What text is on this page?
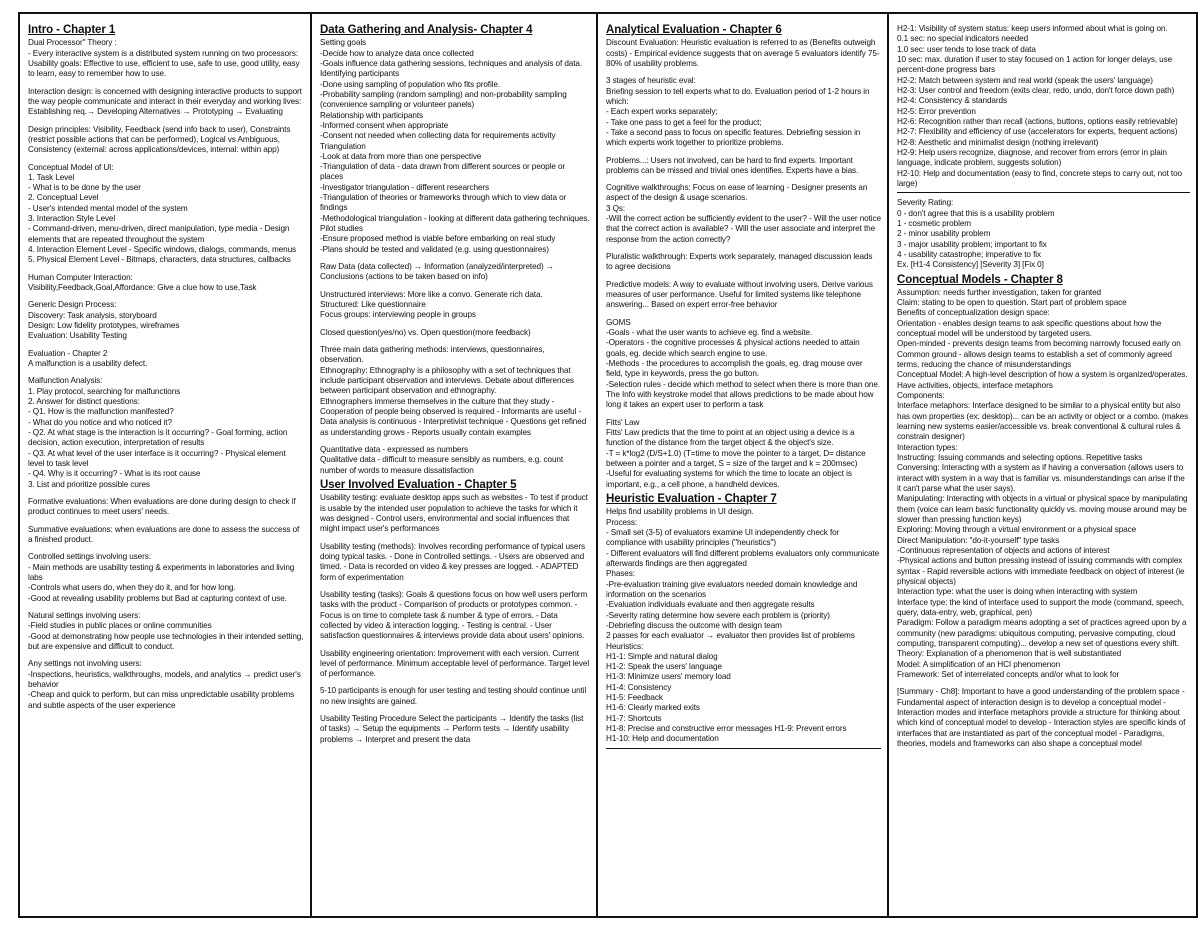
Intro - Chapter 1
Dual Processor" Theory :
- Every interactive system is a distributed system running on two processors:
Usability goals: Effective to use, efficient to use, safe to use, good utility, easy to learn, easy to remember how to use.
Interaction design: is concerned with designing interactive products to support the way people communicate and interact in their everyday and working lives: Establishing req.→ Developing Alternatives → Prototyping → Evaluating
Design principles: Visibility, Feedback (send info back to user), Constraints (restrict possible actions that can be performed), Logical vs Ambiguous, Consistency (external: across applications/devices, internal: within app)
Conceptual Model of UI:
1. Task Level
- What is to be done by the user
2. Conceptual Level
- User's intended mental model of the system
3. Interaction Style Level
- Command-driven, menu-driven, direct manipulation, type media - Design elements that are repeated throughout the system
4. Interaction Element Level - Specific windows, dialogs, commands, menus
5. Physical Element Level - Bitmaps, characters, data structures, callbacks
Human Computer Interaction:
Visibility,Feedback,Goal,Affordance: Give a clue how to use,Task
Generic Design Process:
Discovery: Task analysis, storyboard
Design: Low fidelity prototypes, wireframes
Evaluation: Usability Testing
Evaluation - Chapter 2
A malfunction is a usability defect.
Malfunction Analysis:
1. Play protocol, searching for malfunctions
2. Answer for distinct questions:
- Q1. How is the malfunction manifested?
- What do you notice and who noticed it?
- Q2. At what stage is the interaction is it occurring? - Goal forming, action decision, action execution, interpretation of results
- Q3. At what level of the user interface is it occurring? - Physical element level to task level
- Q4. Why is it occurring? - What is its root cause
3. List and prioritize possible cures
Formative evaluations: When evaluations are done during design to check if product continues to meet users' needs.
Summative evaluations: when evaluations are done to assess the success of a finished product.
Controlled settings involving users:
- Main methods are usability testing & experiments in laboratories and living labs
-Controls what users do, when they do it, and for how long.
-Good at revealing usability problems but Bad at capturing context of use.
Natural settings involving users:
-Field studies in public places or online communities
-Good at demonstrating how people use technologies in their intended setting, but are expensive and difficult to conduct.
Any settings not involving users:
-Inspections, heuristics, walkthroughs, models, and analytics → predict user's behavior
-Cheap and quick to perform, but can miss unpredictable usability problems and subtle aspects of the user experience
Data Gathering and Analysis- Chapter 4
Setting goals
-Decide how to analyze data once collected
-Goals influence data gathering sessions, techniques and analysis of data.
Identifying participants
-Done using sampling of population who fits profile.
-Probability sampling (random sampling) and non-probability sampling (convenience sampling or volunteer panels)
Relationship with participants
-Informed consent when appropriate
-Consent not needed when collecting data for requirements activity
Triangulation
-Look at data from more than one perspective
-Triangulation of data - data drawn from different sources or people or places
-Investigator triangulation - different researchers
-Triangulation of theories or frameworks through which to view data or findings
-Methodological triangulation - looking at different data gathering techniques.
Pilot studies
-Ensure proposed method is viable before embarking on real study
-Plans should be tested and validated (e.g. using questionnaires)
Raw Data (data collected) → Information (analyzed/interpreted) → Conclusions (actions to be taken based on info)
Unstructured interviews: More like a convo. Generate rich data.
Structured: Like questionnaire
Focus groups: interviewing people in groups
Closed question(yes/no) vs. Open question(more feedback)
Three main data gathering methods: interviews, questionnaires, observation.
Ethnography: Ethnography is a philosophy with a set of techniques that include participant observation and interviews. Debate about differences between participant observation and ethnography.
Ethnographers immerse themselves in the culture that they study - Cooperation of people being observed is required - Informants are useful - Data analysis is continuous - Interpretivist technique - Questions get refined as understanding grows - Reports usually contain examples
Quantitative data - expressed as numbers
Qualitative data - difficult to measure sensibly as numbers, e.g. count number of words to measure dissatisfaction
User Involved Evaluation - Chapter 5
Usability testing: evaluate desktop apps such as websites - To test if product is usable by the intended user population to achieve the tasks for which it was designed - Control users, environmental and social influences that might impact user's performances
Usability testing (methods): Involves recording performance of typical users doing typical tasks. - Done in Controlled settings. - Users are observed and timed. - Data is recorded on video & key presses are logged. - ADAPTED form of experimentation
Usability testing (tasks): Goals & questions focus on how well users perform tasks with the product - Comparison of products or prototypes common. - Focus is on time to complete task & number & type of errors. - Data collected by video & interaction logging. - Testing is central. - User satisfaction questionnaires & interviews provide data about users' opinions.
Usability engineering orientation: Improvement with each version. Current level of performance. Minimum acceptable level of performance. Target level of performance.
5-10 participants is enough for user testing and testing should continue until no new insights are gained.
Usability Testing Procedure Select the participants → Identify the tasks (list of tasks) → Setup the equipments → Perform tests → Identify usability problems → Interpret and present the data
Analytical Evaluation - Chapter 6
Discount Evaluation: Heuristic evaluation is referred to as (Benefits outweigh costs) - Empirical evidence suggests that on average 5 evaluators identify 75-80% of usability problems.
3 stages of heuristic eval:
Briefing session to tell experts what to do. Evaluation period of 1-2 hours in which:
- Each expert works separately;
- Take one pass to get a feel for the product;
- Take a second pass to focus on specific features. Debriefing session in which experts work together to prioritize problems.
Problems...: Users not involved, can be hard to find experts. Important problems can be missed and trivial ones identifies. Experts have a bias.
Cognitive walkthroughs: Focus on ease of learning - Designer presents an aspect of the design & usage scenarios.
3 Qs:
-Will the correct action be sufficiently evident to the user? - Will the user notice that the correct action is available? - Will the user associate and interpret the response from the action correctly?
Pluralistic walkthrough: Experts work separately, managed discussion leads to agree decisions
Predictive models: A way to evaluate without involving users. Derive various measures of user performance. Useful for limited systems like telephone answering... Based on expert error-free behavior
GOMS
-Goals - what the user wants to achieve eg. find a website.
-Operators - the cognitive processes & physical actions needed to attain goals, eg. decide which search engine to use.
-Methods - the procedures to accomplish the goals, eg. drag mouse over field, type in keywords, press the go button.
-Selection rules - decide which method to select when there is more than one.
The Info with keystroke model that allows predictions to be made about how long it takes an expert user to perform a task
Fitts' Law
Fitts' Law predicts that the time to point at an object using a device is a function of the distance from the target object & the object's size.
-T = k*log2 (D/S+1.0) (T=time to move the pointer to a target, D= distance between a pointer and a target, S = size of the target and k = 200msec)
-Useful for evaluating systems for which the time to locate an object is important, e.g., a cell phone, a handheld devices.
Heuristic Evaluation - Chapter 7
Helps find usability problems in UI design.
Process:
- Small set (3-5) of evaluators examine UI independently check for compliance with usability principles ("heuristics")
- Different evaluators will find different problems evaluators only communicate afterwards findings are then aggregated
Phases:
-Pre-evaluation training give evaluators needed domain knowledge and information on the scenarios
-Evaluation individuals evaluate and then aggregate results
-Severity rating determine how severe each problem is (priority)
-Debriefing discuss the outcome with design team
2 passes for each evaluator → evaluator then provides list of problems Heuristics:
H1-1: Simple and natural dialog
H1-2: Speak the users' language
H1-3: Minimize users' memory load
H1-4: Consistency
H1-5: Feedback
H1-6: Clearly marked exits
H1-7: Shortcuts
H1-8: Precise and constructive error messages H1-9: Prevent errors
H1-10: Help and documentation
H2-1: Visibility of system status: keep users informed about what is going on.
0.1 sec: no special indicators needed
1.0 sec: user tends to lose track of data
10 sec: max. duration if user to stay focused on 1 action for longer delays, use percent-done progress bars
H2-2: Match between system and real world (speak the users' language)
H2-3: User control and freedom (exits clear, redo, undo, don't force down path)
H2-4: Consistency & standards
H2-5: Error prevention
H2-6: Recognition rather than recall (actions, buttons, options easily retrievable)
H2-7: Flexibility and efficiency of use (accelerators for experts, frequent actions)
H2-8: Aesthetic and minimalist design (nothing irrelevant)
H2-9: Help users recognize, diagnose, and recover from errors (error in plain language, indicate problem, suggests solution)
H2-10: Help and documentation (easy to find, concrete steps to carry out, not too large)
Severity Rating:
0 - don't agree that this is a usability problem
1 - cosmetic problem
2 - minor usability problem
3 - major usability problem; important to fix
4 - usability catastrophe; imperative to fix
Ex. [H1-4 Consistency] [Severity 3] [Fix 0]
Conceptual Models - Chapter 8
Assumption: needs further investigation, taken for granted
Claim: stating to be open to question. Start part of problem space
Benefits of conceptualization design space:
Orientation - enables design teams to ask specific questions about how the conceptual model will be understood by targeted users.
Open-minded - prevents design teams from becoming narrowly focused early on
Common ground - allows design teams to establish a set of commonly agreed terms, reducing the chance of misunderstandings
Conceptual Model: A high-level description of how a system is organized/operates. Have activities, objects, interface metaphors
Components:
Interface metaphors: Interface designed to be similar to a physical entity but also has own properties (ex: desktop)... can be an activity or object or a combo. (makes learning new systems easier/accessible vs. break conventional & cultural rules & constrain designer)
Interaction types:
Instructing: Issuing commands and selecting options. Repetitive tasks
Conversing: Interacting with a system as if having a conversation (allows users to interact with system in a way that is familiar vs. misunderstandings can arise if the it can't parse what the user says).
Manipulating: Interacting with objects in a virtual or physical space by manipulating them (voice can learn basic functionality quickly vs. moving mouse around may be slower than pressing function keys)
Exploring: Moving through a virtual environment or a physical space
Direct Manipulation: "do-it-yourself" type tasks
-Continuous representation of objects and actions of interest
-Physical actions and button pressing instead of issuing commands with complex syntax - Rapid reversible actions with immediate feedback on object of interest (ie physical objects)
Interaction type: what the user is doing when interacting with system
Interface type: the kind of interface used to support the mode (command, speech, query, data-entry, web, graphical, pen)
Paradigm: Follow a paradigm means adopting a set of practices agreed upon by a community (new paradigms: ubiquitous computing, pervasive computing, cloud computing, transparent computing)... develop a new set of questions every shift.
Theory: Explanation of a phenomenon that is well substantiated
Model: A simplification of an HCI phenomenon
Framework: Set of interrelated concepts and/or what to look for
[Summary - Ch8]: Important to have a good understanding of the problem space - Fundamental aspect of interaction design is to develop a conceptual model - Interaction modes and interface metaphors provide a structure for thinking about which kind of conceptual model to develop - Interaction styles are specific kinds of interfaces that are instantiated as part of the conceptual model - Paradigms, theories, models and frameworks can also shape a conceptual model
